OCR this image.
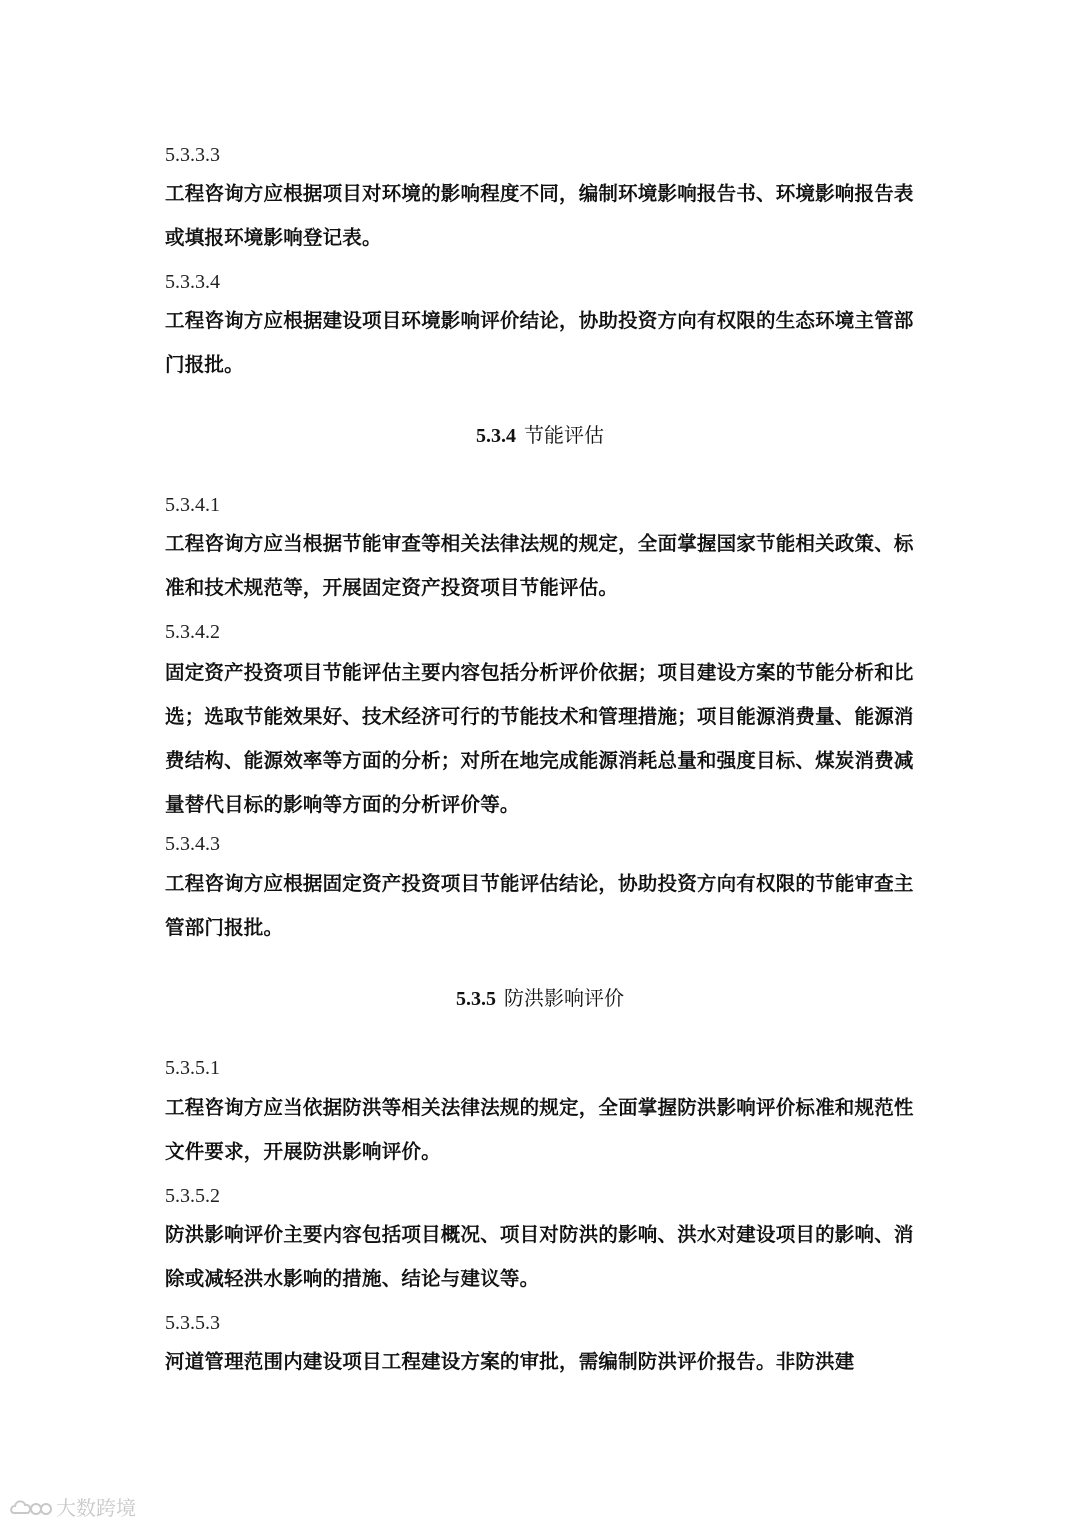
5.3.3.3
工程咨询方应根据项目对环境的影响程度不同，编制环境影响报告书、环境影响报告表或填报环境影响登记表。
5.3.3.4
工程咨询方应根据建设项目环境影响评价结论，协助投资方向有权限的生态环境主管部门报批。
5.3.4 节能评估
5.3.4.1
工程咨询方应当根据节能审查等相关法律法规的规定，全面掌握国家节能相关政策、标准和技术规范等，开展固定资产投资项目节能评估。
5.3.4.2
固定资产投资项目节能评估主要内容包括分析评价依据；项目建设方案的节能分析和比选；选取节能效果好、技术经济可行的节能技术和管理措施；项目能源消费量、能源消费结构、能源效率等方面的分析；对所在地完成能源消耗总量和强度目标、煤炭消费减量替代目标的影响等方面的分析评价等。
5.3.4.3
工程咨询方应根据固定资产投资项目节能评估结论，协助投资方向有权限的节能审查主管部门报批。
5.3.5 防洪影响评价
5.3.5.1
工程咨询方应当依据防洪等相关法律法规的规定，全面掌握防洪影响评价标准和规范性文件要求，开展防洪影响评价。
5.3.5.2
防洪影响评价主要内容包括项目概况、项目对防洪的影响、洪水对建设项目的影响、消除或减轻洪水影响的措施、结论与建议等。
5.3.5.3
河道管理范围内建设项目工程建设方案的审批，需编制防洪评价报告。非防洪建
大数跨境
